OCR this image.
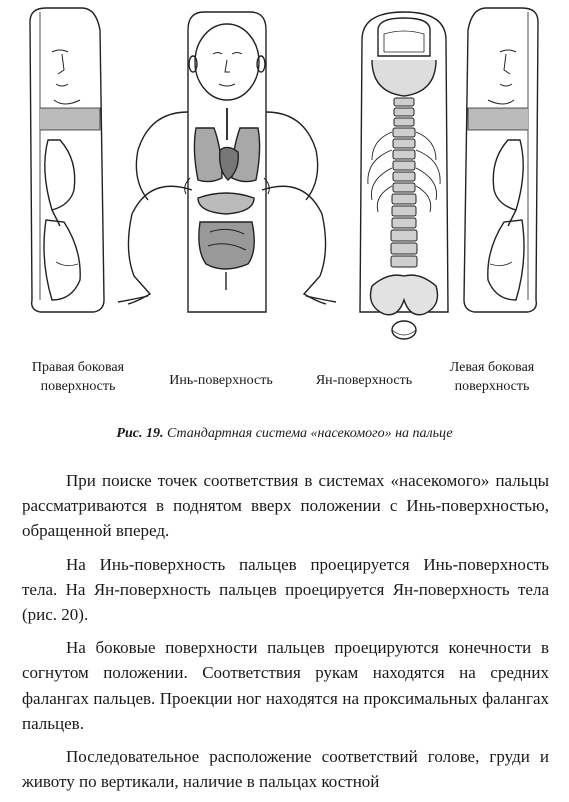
Правая боковая поверхность	Инь-поверхность	Ян-поверхность
Левая боковая поверхность
Рис. 19. Стандартная система «насекомого» на пальце

При поиске точек соответствия в системах «насекомого» пальцы рассматриваются в поднятом вверх положении с Инь-поверхностью, обращенной вперед.

На Инь-поверхность пальцев проецируется Инь-поверхность тела. На Ян-поверхность пальцев проецируется Ян-поверхность тела (рис. 20).

На боковые поверхности пальцев проецируются конечности в согнутом положении. Соответствия рукам находятся на средних фалангах пальцев. Проекции ног находятся на проксимальных фалангах пальцев.

Последовательное расположение соответствий голове, груди и животу по вертикали, наличие в пальцах костной
